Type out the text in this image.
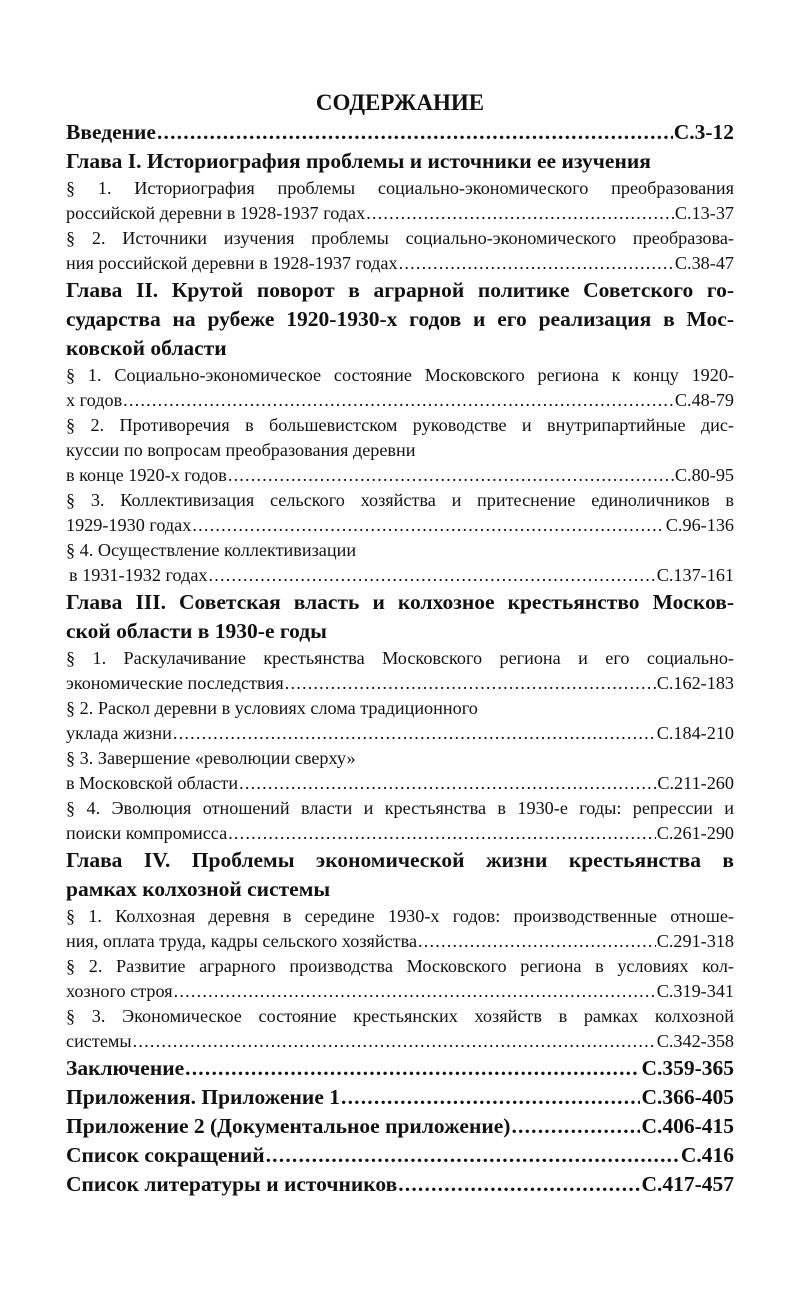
СОДЕРЖАНИЕ
Введение .....	С.3-12
Глава I. Историография проблемы и источники ее изучения
§ 1. Историография проблемы социально-экономического преобразования
российской деревни в 1928-1937 годах .....	С.13-37
§ 2. Источники изучения проблемы социально-экономического преобразова-
ния российской деревни в 1928-1937 годах .....	С.38-47
Глава II. Крутой поворот в аграрной политике Советского го-
сударства на рубеже 1920-1930-х годов и его реализация в Мос-
ковской области
§ 1. Социально-экономическое состояние Московского региона к концу 1920-
х годов .....	С.48-79
§ 2. Противоречия в большевистском руководстве и внутрипартийные дис-
куссии по вопросам преобразования деревни
в конце 1920-х годов .....	С.80-95
§ 3. Коллективизация сельского хозяйства и притеснение единоличников в
1929-1930 годах .....	С.96-136
§ 4. Осуществление коллективизации
в 1931-1932 годах .....	С.137-161
Глава III. Советская власть и колхозное крестьянство Москов-
ской области в 1930-е годы
§ 1. Раскулачивание крестьянства Московского региона и его социально-
экономические последствия .....	С.162-183
§ 2. Раскол деревни в условиях слома традиционного
уклада жизни .....	С.184-210
§ 3. Завершение «революции сверху»
в Московской области .....	С.211-260
§ 4. Эволюция отношений власти и крестьянства в 1930-е годы: репрессии и
поиски компромисса .....	С.261-290
Глава IV. Проблемы экономической жизни крестьянства в
рамках колхозной системы
§ 1. Колхозная деревня в середине 1930-х годов: производственные отноше-
ния, оплата труда, кадры сельского хозяйства .....	С.291-318
§ 2. Развитие аграрного производства Московского региона в условиях кол-
хозного строя .....	С.319-341
§ 3. Экономическое состояние крестьянских хозяйств в рамках колхозной
системы .....	С.342-358
Заключение .....	С.359-365
Приложения. Приложение 1 .....	С.366-405
Приложение 2 (Документальное приложение) .....	С.406-415
Список сокращений .....	С.416
Список литературы и источников .....	С.417-457
